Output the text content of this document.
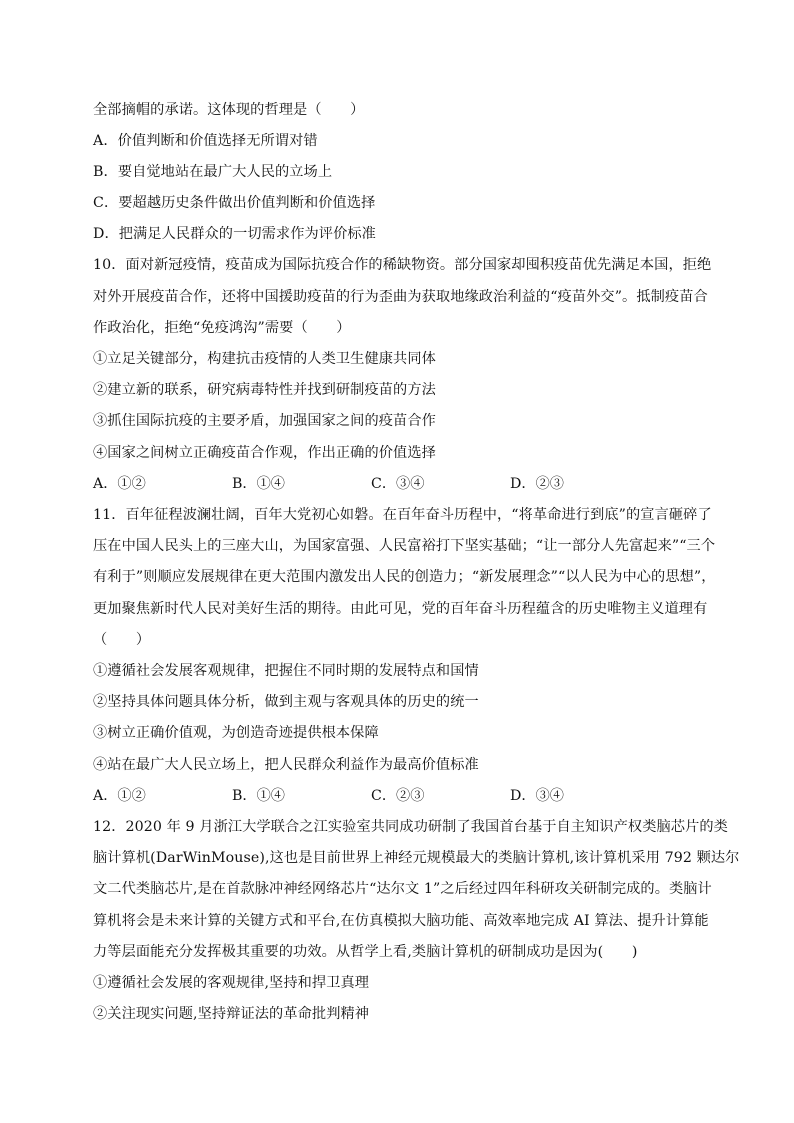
全部摘帽的承诺。这体现的哲理是（　　）
A．价值判断和价值选择无所谓对错
B．要自觉地站在最广大人民的立场上
C．要超越历史条件做出价值判断和价值选择
D．把满足人民群众的一切需求作为评价标准
10．面对新冠疫情，疫苗成为国际抗疫合作的稀缺物资。部分国家却囤积疫苗优先满足本国，拒绝
对外开展疫苗合作，还将中国援助疫苗的行为歪曲为获取地缘政治利益的“疫苗外交”。抵制疫苗合
作政治化，拒绝“免疫鸿沟”需要（　　）
①立足关键部分，构建抗击疫情的人类卫生健康共同体
②建立新的联系，研究病毒特性并找到研制疫苗的方法
③抓住国际抗疫的主要矛盾，加强国家之间的疫苗合作
④国家之间树立正确疫苗合作观，作出正确的价值选择
A．①②	B．①④	C．③④	D．②③
11．百年征程波澜壮阔，百年大党初心如磐。在百年奋斗历程中，“将革命进行到底”的宣言砸碎了
压在中国人民头上的三座大山，为国家富强、人民富裕打下坚实基础；“让一部分人先富起来”“三个
有利于”则顺应发展规律在更大范围内激发出人民的创造力；“新发展理念”“以人民为中心的思想”，
更加聚焦新时代人民对美好生活的期待。由此可见，党的百年奋斗历程蕴含的历史唯物主义道理有
（　　）
①遵循社会发展客观规律，把握住不同时期的发展特点和国情
②坚持具体问题具体分析，做到主观与客观具体的历史的统一
③树立正确价值观，为创造奇迹提供根本保障
④站在最广大人民立场上，把人民群众利益作为最高价值标准
A．①②	B．①④	C．②③	D．③④
12．2020 年 9 月浙江大学联合之江实验室共同成功研制了我国首台基于自主知识产权类脑芯片的类
脑计算机(DarWinMouse),这也是目前世界上神经元规模最大的类脑计算机,该计算机采用 792 颗达尔
文二代类脑芯片,是在首款脉冲神经网络芯片“达尔文 1”之后经过四年科研攻关研制完成的。类脑计
算机将会是未来计算的关键方式和平台,在仿真模拟大脑功能、高效率地完成 AI 算法、提升计算能
力等层面能充分发挥极其重要的功效。从哲学上看,类脑计算机的研制成功是因为(　　)
①遵循社会发展的客观规律,坚持和捍卫真理
②关注现实问题,坚持辩证法的革命批判精神
